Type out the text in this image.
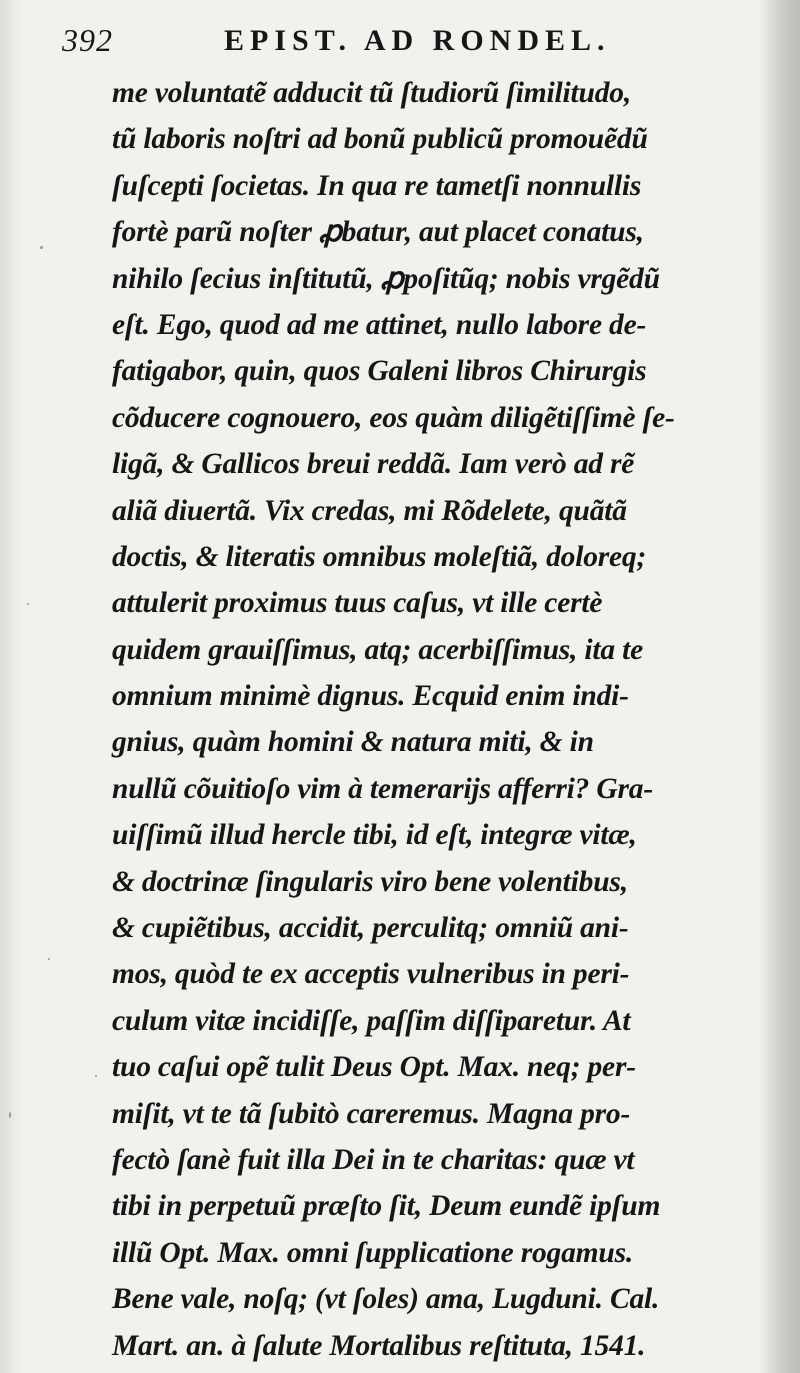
392	EPIST. AD RONDEL.
me voluntatẽ adducit tũ ſtudiorũ ſimilitudo,
tũ laboris noſtri ad bonũ publicũ promouẽdũ
ſuſcepti ſocietas. In qua re tametſi nonnullis
fortè parũ noſter ꝓbatur, aut placet conatus,
nihilo ſecius inſtitutũ, ꝓpoſitũq; nobis vrgẽdũ
eſt. Ego, quod ad me attinet, nullo labore de-
fatigabor, quin, quos Galeni libros Chirurgis
cõducere cognouero, eos quàm diligẽtiſſimè ſe-
ligã, & Gallicos breui reddã. Iam verò ad rẽ
aliã diuertã. Vix credas, mi Rõdelete, quãtã
doctis, & literatis omnibus moleſtiã, doloreq;
attulerit proximus tuus caſus, vt ille certè
quidem grauiſſimus, atq; acerbiſſimus, ita te
omnium minimè dignus. Ecquid enim indi-
gnius, quàm homini & natura miti, & in
nullũ cõuitioſo vim à temerarijs afferri? Gra-
uiſſimũ illud hercle tibi, id eſt, integræ vitæ,
& doctrinæ ſingularis viro bene volentibus,
& cupiẽtibus, accidit, perculitq; omniũ ani-
mos, quòd te ex acceptis vulneribus in peri-
culum vitæ incidiſſe, paſſim diſſiparetur. At
tuo caſui opẽ tulit Deus Opt. Max. neq; per-
miſit, vt te tã ſubitò careremus. Magna pro-
fectò ſanè fuit illa Dei in te charitas: quæ vt
tibi in perpetuũ præſto ſit, Deum eundẽ ipſum
illũ Opt. Max. omni ſupplicatione rogamus.
Bene vale, noſq; (vt ſoles) ama, Lugduni. Cal.
Mart. an. à ſalute Mortalibus reſtituta, 1541.
